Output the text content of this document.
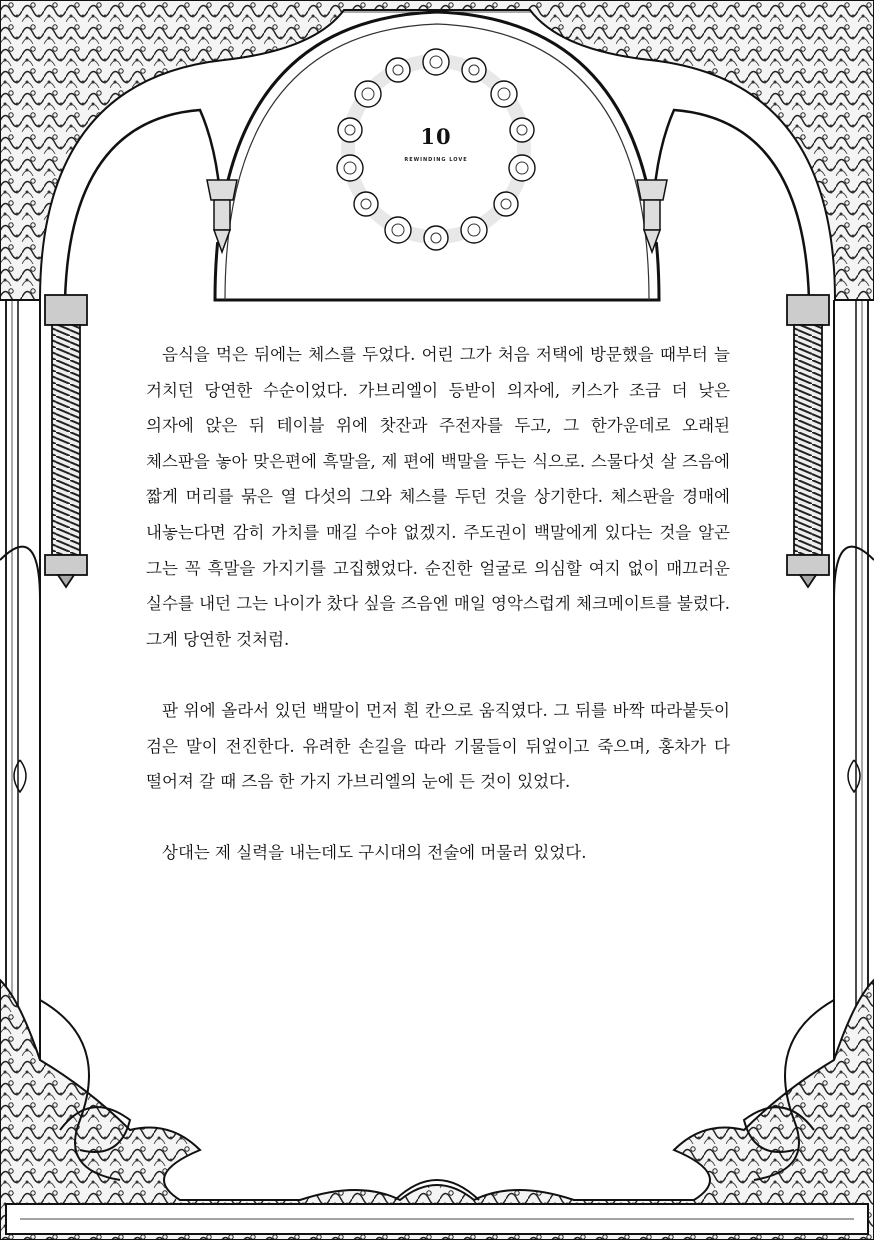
10
REWINDING LOVE

음식을 먹은 뒤에는 체스를 두었다. 어린 그가 처음 저택에 방문했을 때부터 늘 거치던 당연한 수순이었다. 가브리엘이 등받이 의자에, 키스가 조금 더 낮은 의자에 앉은 뒤 테이블 위에 찻잔과 주전자를 두고, 그 한가운데로 오래된 체스판을 놓아 맞은편에 흑말을, 제 편에 백말을 두는 식으로. 스물다섯 살 즈음에 짧게 머리를 묶은 열 다섯의 그와 체스를 두던 것을 상기한다. 체스판을 경매에 내놓는다면 감히 가치를 매길 수야 없겠지. 주도권이 백말에게 있다는 것을 알곤 그는 꼭 흑말을 가지기를 고집했었다. 순진한 얼굴로 의심할 여지 없이 매끄러운 실수를 내던 그는 나이가 찼다 싶을 즈음엔 매일 영악스럽게 체크메이트를 불렀다. 그게 당연한 것처럼.

판 위에 올라서 있던 백말이 먼저 흰 칸으로 움직였다. 그 뒤를 바짝 따라붙듯이 검은 말이 전진한다. 유려한 손길을 따라 기물들이 뒤엎이고 죽으며, 홍차가 다 떨어져 갈 때 즈음 한 가지 가브리엘의 눈에 든 것이 있었다.

상대는 제 실력을 내는데도 구시대의 전술에 머물러 있었다.
